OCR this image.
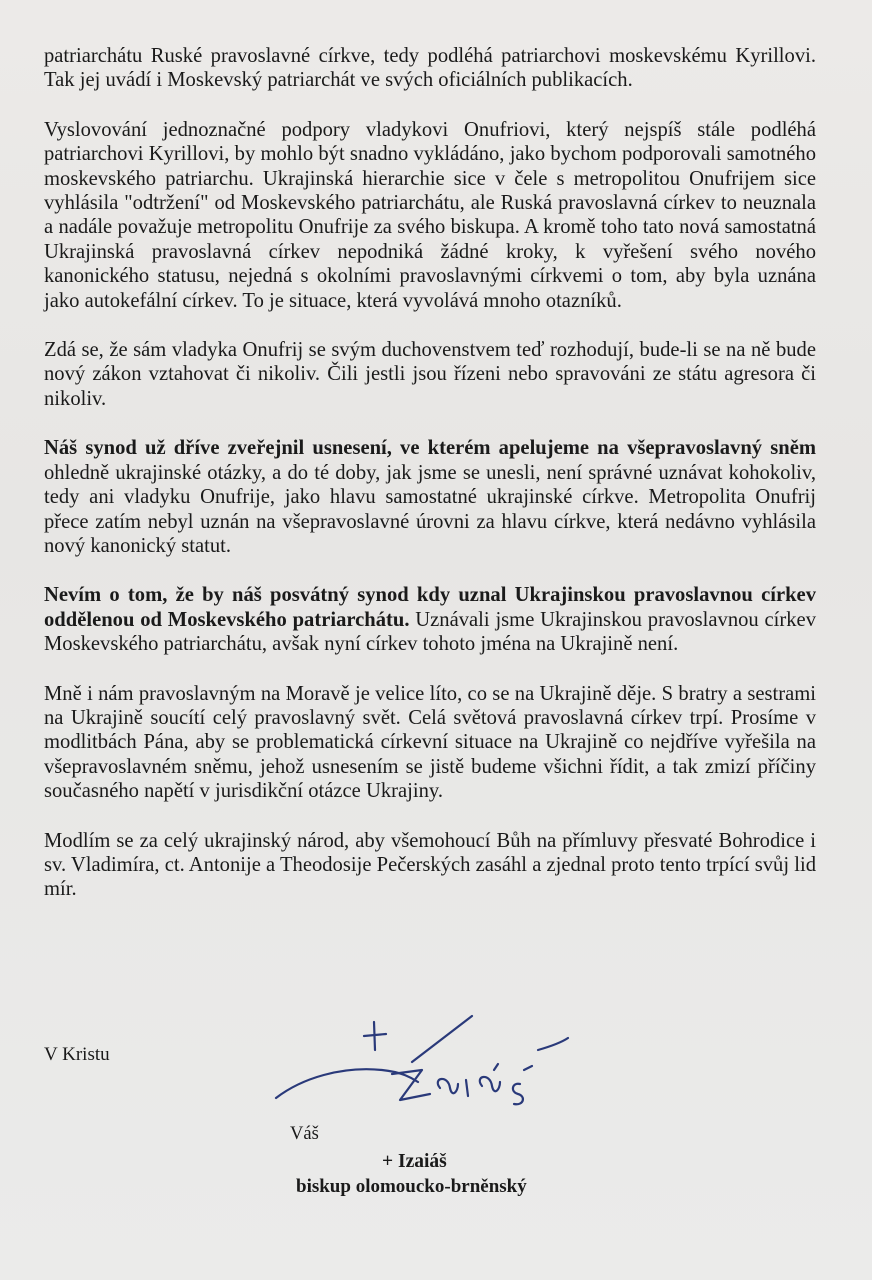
patriarchátu Ruské pravoslavné církve, tedy podléhá patriarchovi moskevskému Kyrillovi. Tak jej uvádí i Moskevský patriarchát ve svých oficiálních publikacích.

Vyslovování jednoznačné podpory vladykovi Onufriovi, který nejspíš stále podléhá patriarchovi Kyrillovi, by mohlo být snadno vykládáno, jako bychom podporovali samotného moskevského patriarchu. Ukrajinská hierarchie sice v čele s metropolitou Onufrijem sice vyhlásila "odtržení" od Moskevského patriarchátu, ale Ruská pravoslavná církev to neuznala a nadále považuje metropolitu Onufrije za svého biskupa. A kromě toho tato nová samostatná Ukrajinská pravoslavná církev nepodniká žádné kroky, k vyřešení svého nového kanonického statusu, nejedná s okolními pravoslavnými církvemi o tom, aby byla uznána jako autokefální církev. To je situace, která vyvolává mnoho otazníků.

Zdá se, že sám vladyka Onufrij se svým duchovenstvem teď rozhodují, bude-li se na ně bude nový zákon vztahovat či nikoliv. Čili jestli jsou řízeni nebo spravováni ze státu agresora či nikoliv.

Náš synod už dříve zveřejnil usnesení, ve kterém apelujeme na všepravoslavný sněm ohledně ukrajinské otázky, a do té doby, jak jsme se unesli, není správné uznávat kohokoliv, tedy ani vladyku Onufrije, jako hlavu samostatné ukrajinské církve. Metropolita Onufrij přece zatím nebyl uznán na všepravoslavné úrovni za hlavu církve, která nedávno vyhlásila nový kanonický statut.

Nevím o tom, že by náš posvátný synod kdy uznal Ukrajinskou pravoslavnou církev oddělenou od Moskevského patriarchátu. Uznávali jsme Ukrajinskou pravoslavnou církev Moskevského patriarchátu, avšak nyní církev tohoto jména na Ukrajině není.

Mně i nám pravoslavným na Moravě je velice líto, co se na Ukrajině děje. S bratry a sestrami na Ukrajině soucítí celý pravoslavný svět. Celá světová pravoslavná církev trpí. Prosíme v modlitbách Pána, aby se problematická církevní situace na Ukrajině co nejdříve vyřešila na všepravoslavném sněmu, jehož usnesením se jistě budeme všichni řídit, a tak zmizí příčiny současného napětí v jurisdikční otázce Ukrajiny.

Modlím se za celý ukrajinský národ, aby všemohoucí Bůh na přímluvy přesvaté Bohrodice i sv. Vladimíra, ct. Antonije a Theodosije Pečerských zasáhl a zjednal proto tento trpící svůj lid mír.

V Kristu
Váš
+ Izaiáš
biskup olomoucko-brněnský
